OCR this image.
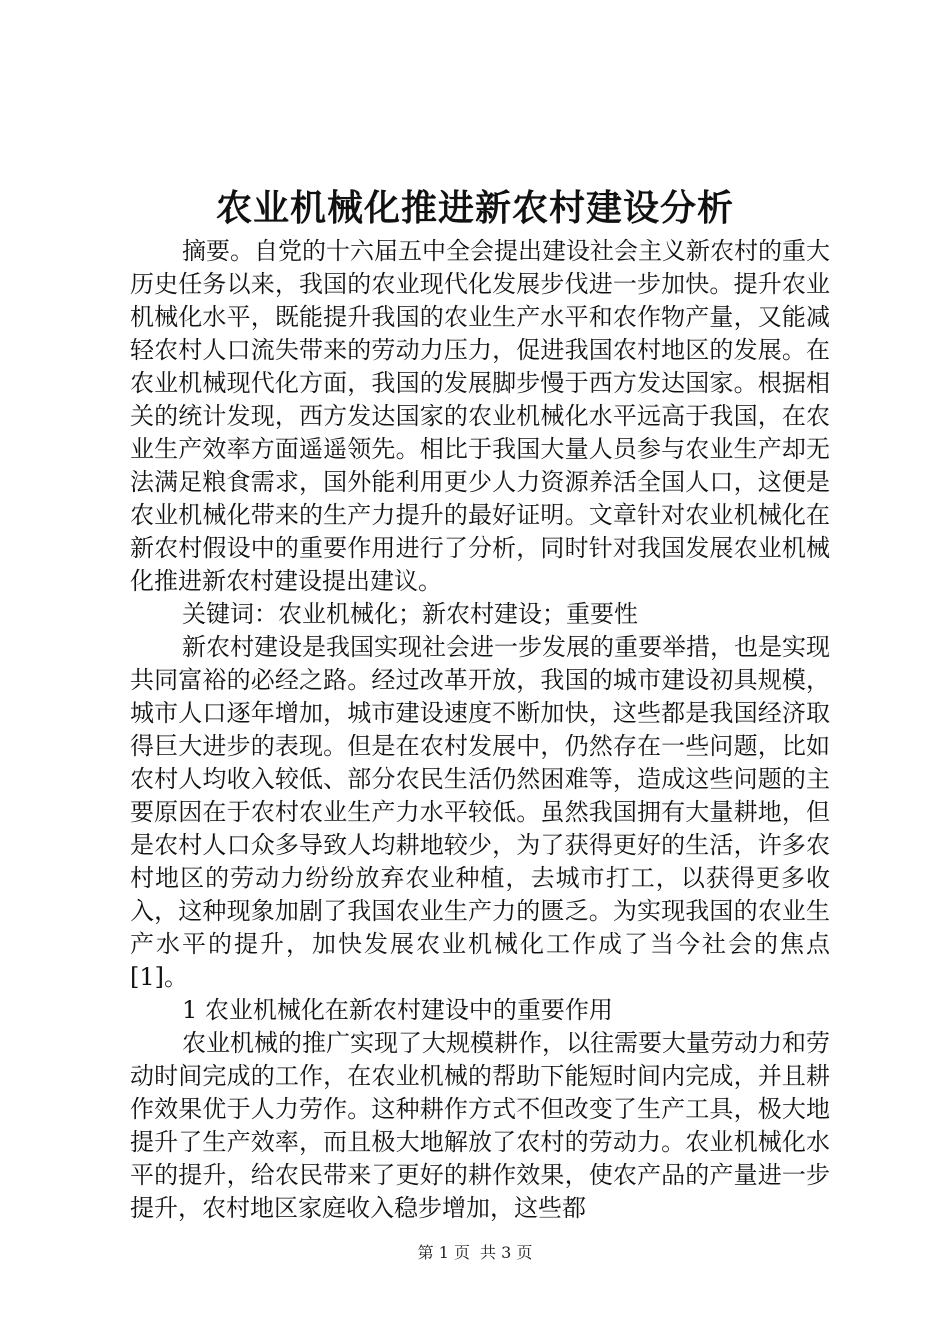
农业机械化推进新农村建设分析

摘要。自党的十六届五中全会提出建设社会主义新农村的重大历史任务以来，我国的农业现代化发展步伐进一步加快。提升农业机械化水平，既能提升我国的农业生产水平和农作物产量，又能减轻农村人口流失带来的劳动力压力，促进我国农村地区的发展。在农业机械现代化方面，我国的发展脚步慢于西方发达国家。根据相关的统计发现，西方发达国家的农业机械化水平远高于我国，在农业生产效率方面遥遥领先。相比于我国大量人员参与农业生产却无法满足粮食需求，国外能利用更少人力资源养活全国人口，这便是农业机械化带来的生产力提升的最好证明。文章针对农业机械化在新农村假设中的重要作用进行了分析，同时针对我国发展农业机械化推进新农村建设提出建议。

关键词：农业机械化；新农村建设；重要性

新农村建设是我国实现社会进一步发展的重要举措，也是实现共同富裕的必经之路。经过改革开放，我国的城市建设初具规模，城市人口逐年增加，城市建设速度不断加快，这些都是我国经济取得巨大进步的表现。但是在农村发展中，仍然存在一些问题，比如农村人均收入较低、部分农民生活仍然困难等，造成这些问题的主要原因在于农村农业生产力水平较低。虽然我国拥有大量耕地，但是农村人口众多导致人均耕地较少，为了获得更好的生活，许多农村地区的劳动力纷纷放弃农业种植，去城市打工，以获得更多收入，这种现象加剧了我国农业生产力的匮乏。为实现我国的农业生产水平的提升，加快发展农业机械化工作成了当今社会的焦点[1]。

1 农业机械化在新农村建设中的重要作用

农业机械的推广实现了大规模耕作，以往需要大量劳动力和劳动时间完成的工作，在农业机械的帮助下能短时间内完成，并且耕作效果优于人力劳作。这种耕作方式不但改变了生产工具，极大地提升了生产效率，而且极大地解放了农村的劳动力。农业机械化水平的提升，给农民带来了更好的耕作效果，使农产品的产量进一步提升，农村地区家庭收入稳步增加，这些都

第 1 页 共 3 页
